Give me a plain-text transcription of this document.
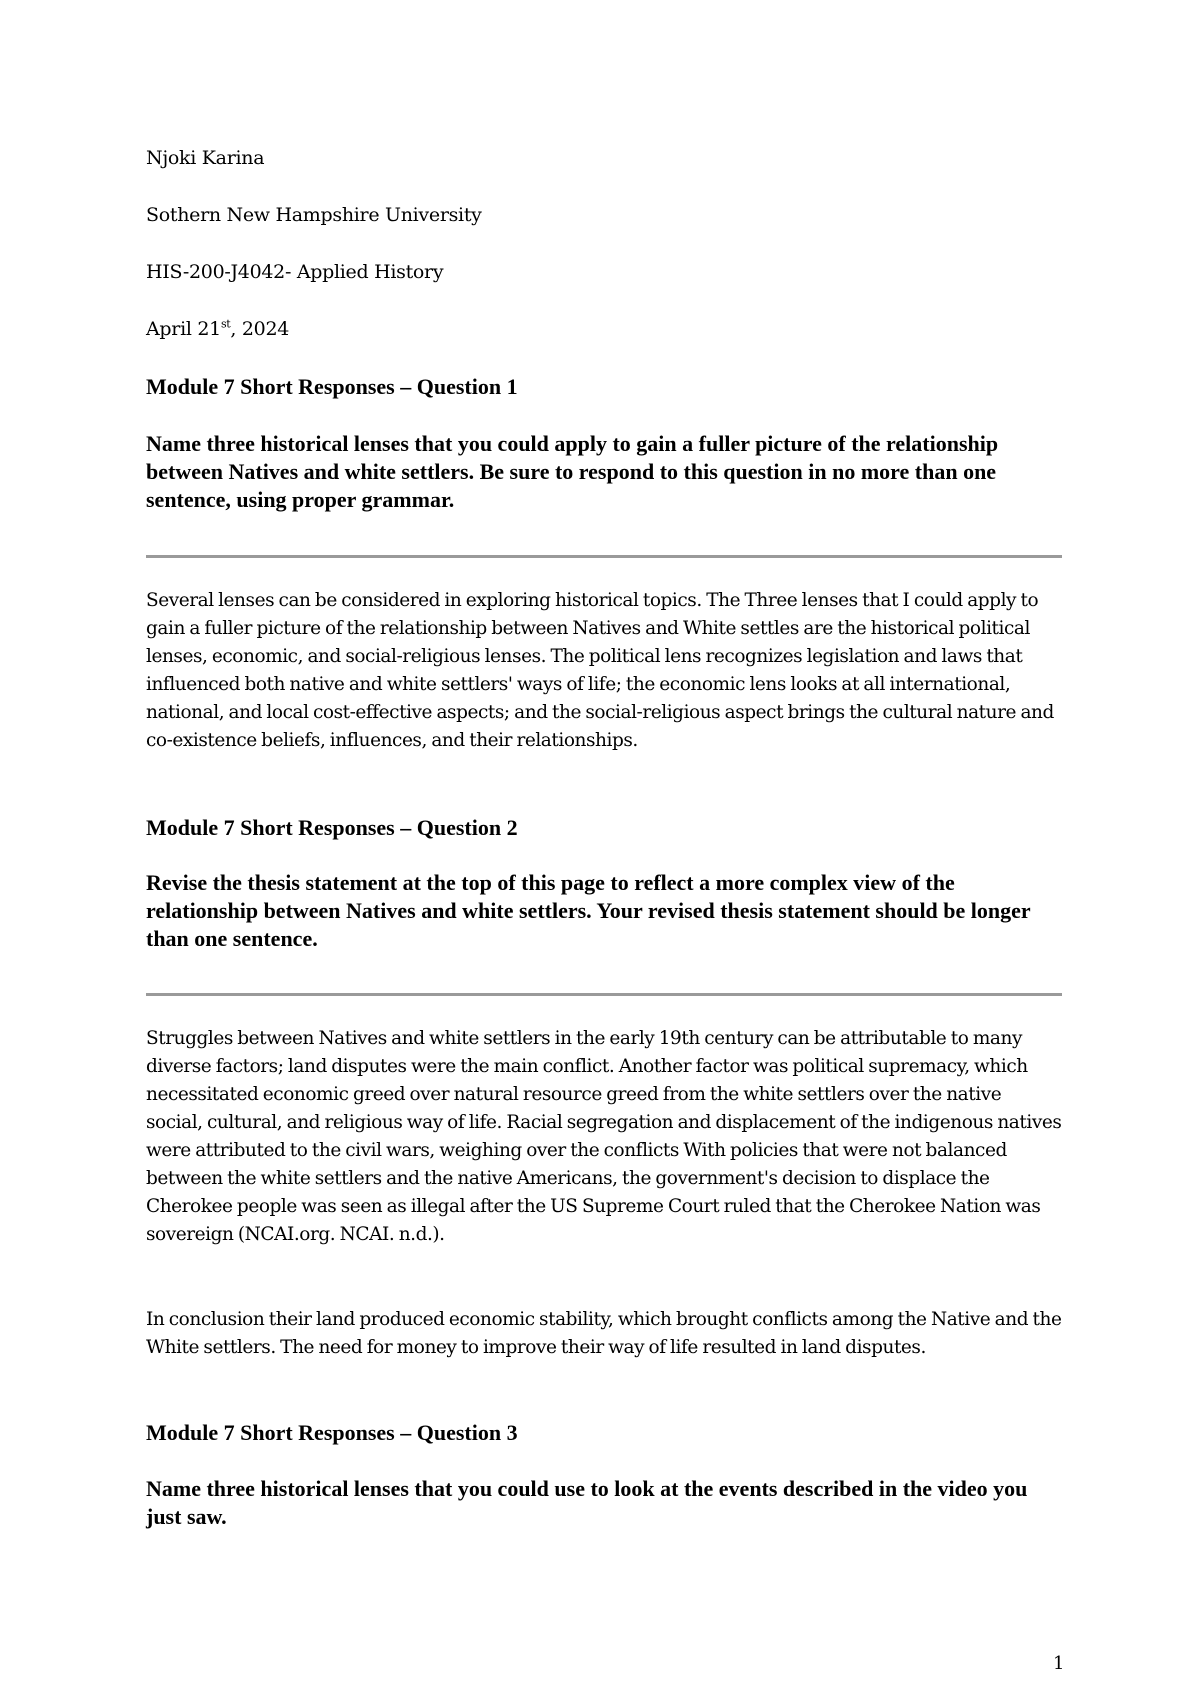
Njoki Karina
Sothern New Hampshire University
HIS-200-J4042- Applied History
April 21st, 2024
Module 7 Short Responses – Question 1

Name three historical lenses that you could apply to gain a fuller picture of the relationship between Natives and white settlers. Be sure to respond to this question in no more than one sentence, using proper grammar.

Several lenses can be considered in exploring historical topics. The Three lenses that I could apply to gain a fuller picture of the relationship between Natives and White settles are the historical political lenses, economic, and social-religious lenses. The political lens recognizes legislation and laws that influenced both native and white settlers' ways of life; the economic lens looks at all international, national, and local cost-effective aspects; and the social-religious aspect brings the cultural nature and co-existence beliefs, influences, and their relationships.

Module 7 Short Responses – Question 2

Revise the thesis statement at the top of this page to reflect a more complex view of the relationship between Natives and white settlers. Your revised thesis statement should be longer than one sentence.

Struggles between Natives and white settlers in the early 19th century can be attributable to many diverse factors; land disputes were the main conflict. Another factor was political supremacy, which necessitated economic greed over natural resource greed from the white settlers over the native social, cultural, and religious way of life. Racial segregation and displacement of the indigenous natives were attributed to the civil wars, weighing over the conflicts With policies that were not balanced between the white settlers and the native Americans, the government's decision to displace the Cherokee people was seen as illegal after the US Supreme Court ruled that the Cherokee Nation was sovereign (NCAI.org. NCAI. n.d.).

In conclusion their land produced economic stability, which brought conflicts among the Native and the White settlers. The need for money to improve their way of life resulted in land disputes.

Module 7 Short Responses – Question 3

Name three historical lenses that you could use to look at the events described in the video you just saw.

1
